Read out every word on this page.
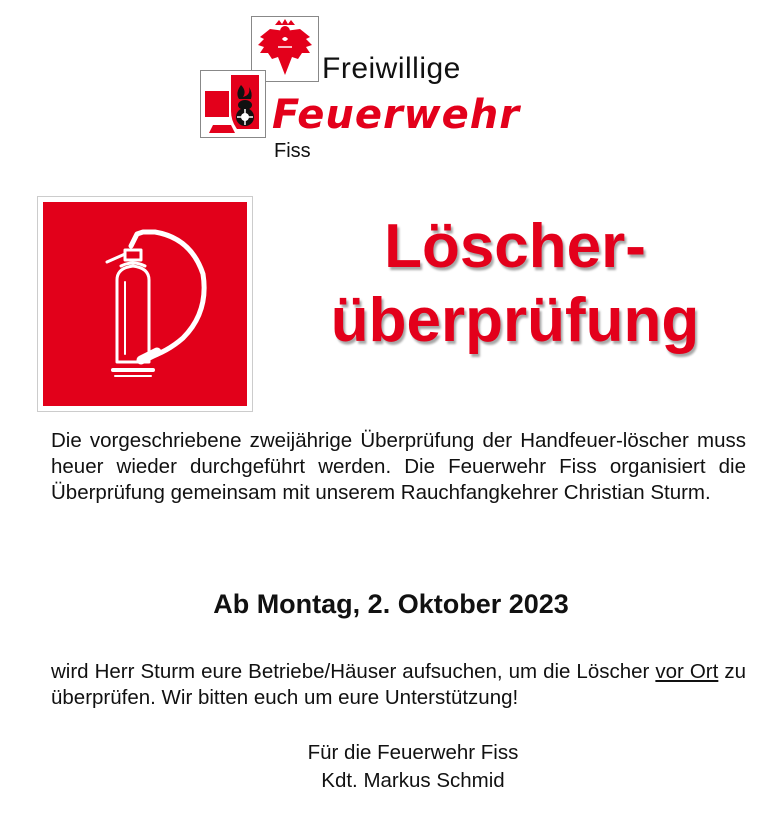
Freiwillige
Feuerwehr
Fiss
Löscher-
überprüfung
Die vorgeschriebene zweijährige Überprüfung der Handfeuer-löscher muss heuer wieder durchgeführt werden. Die Feuerwehr Fiss organisiert die Überprüfung gemeinsam mit unserem Rauchfangkehrer Christian Sturm.
Ab Montag, 2. Oktober 2023
wird Herr Sturm eure Betriebe/Häuser aufsuchen, um die Löscher vor Ort zu überprüfen. Wir bitten euch um eure Unterstützung!
Für die Feuerwehr Fiss
Kdt. Markus Schmid
